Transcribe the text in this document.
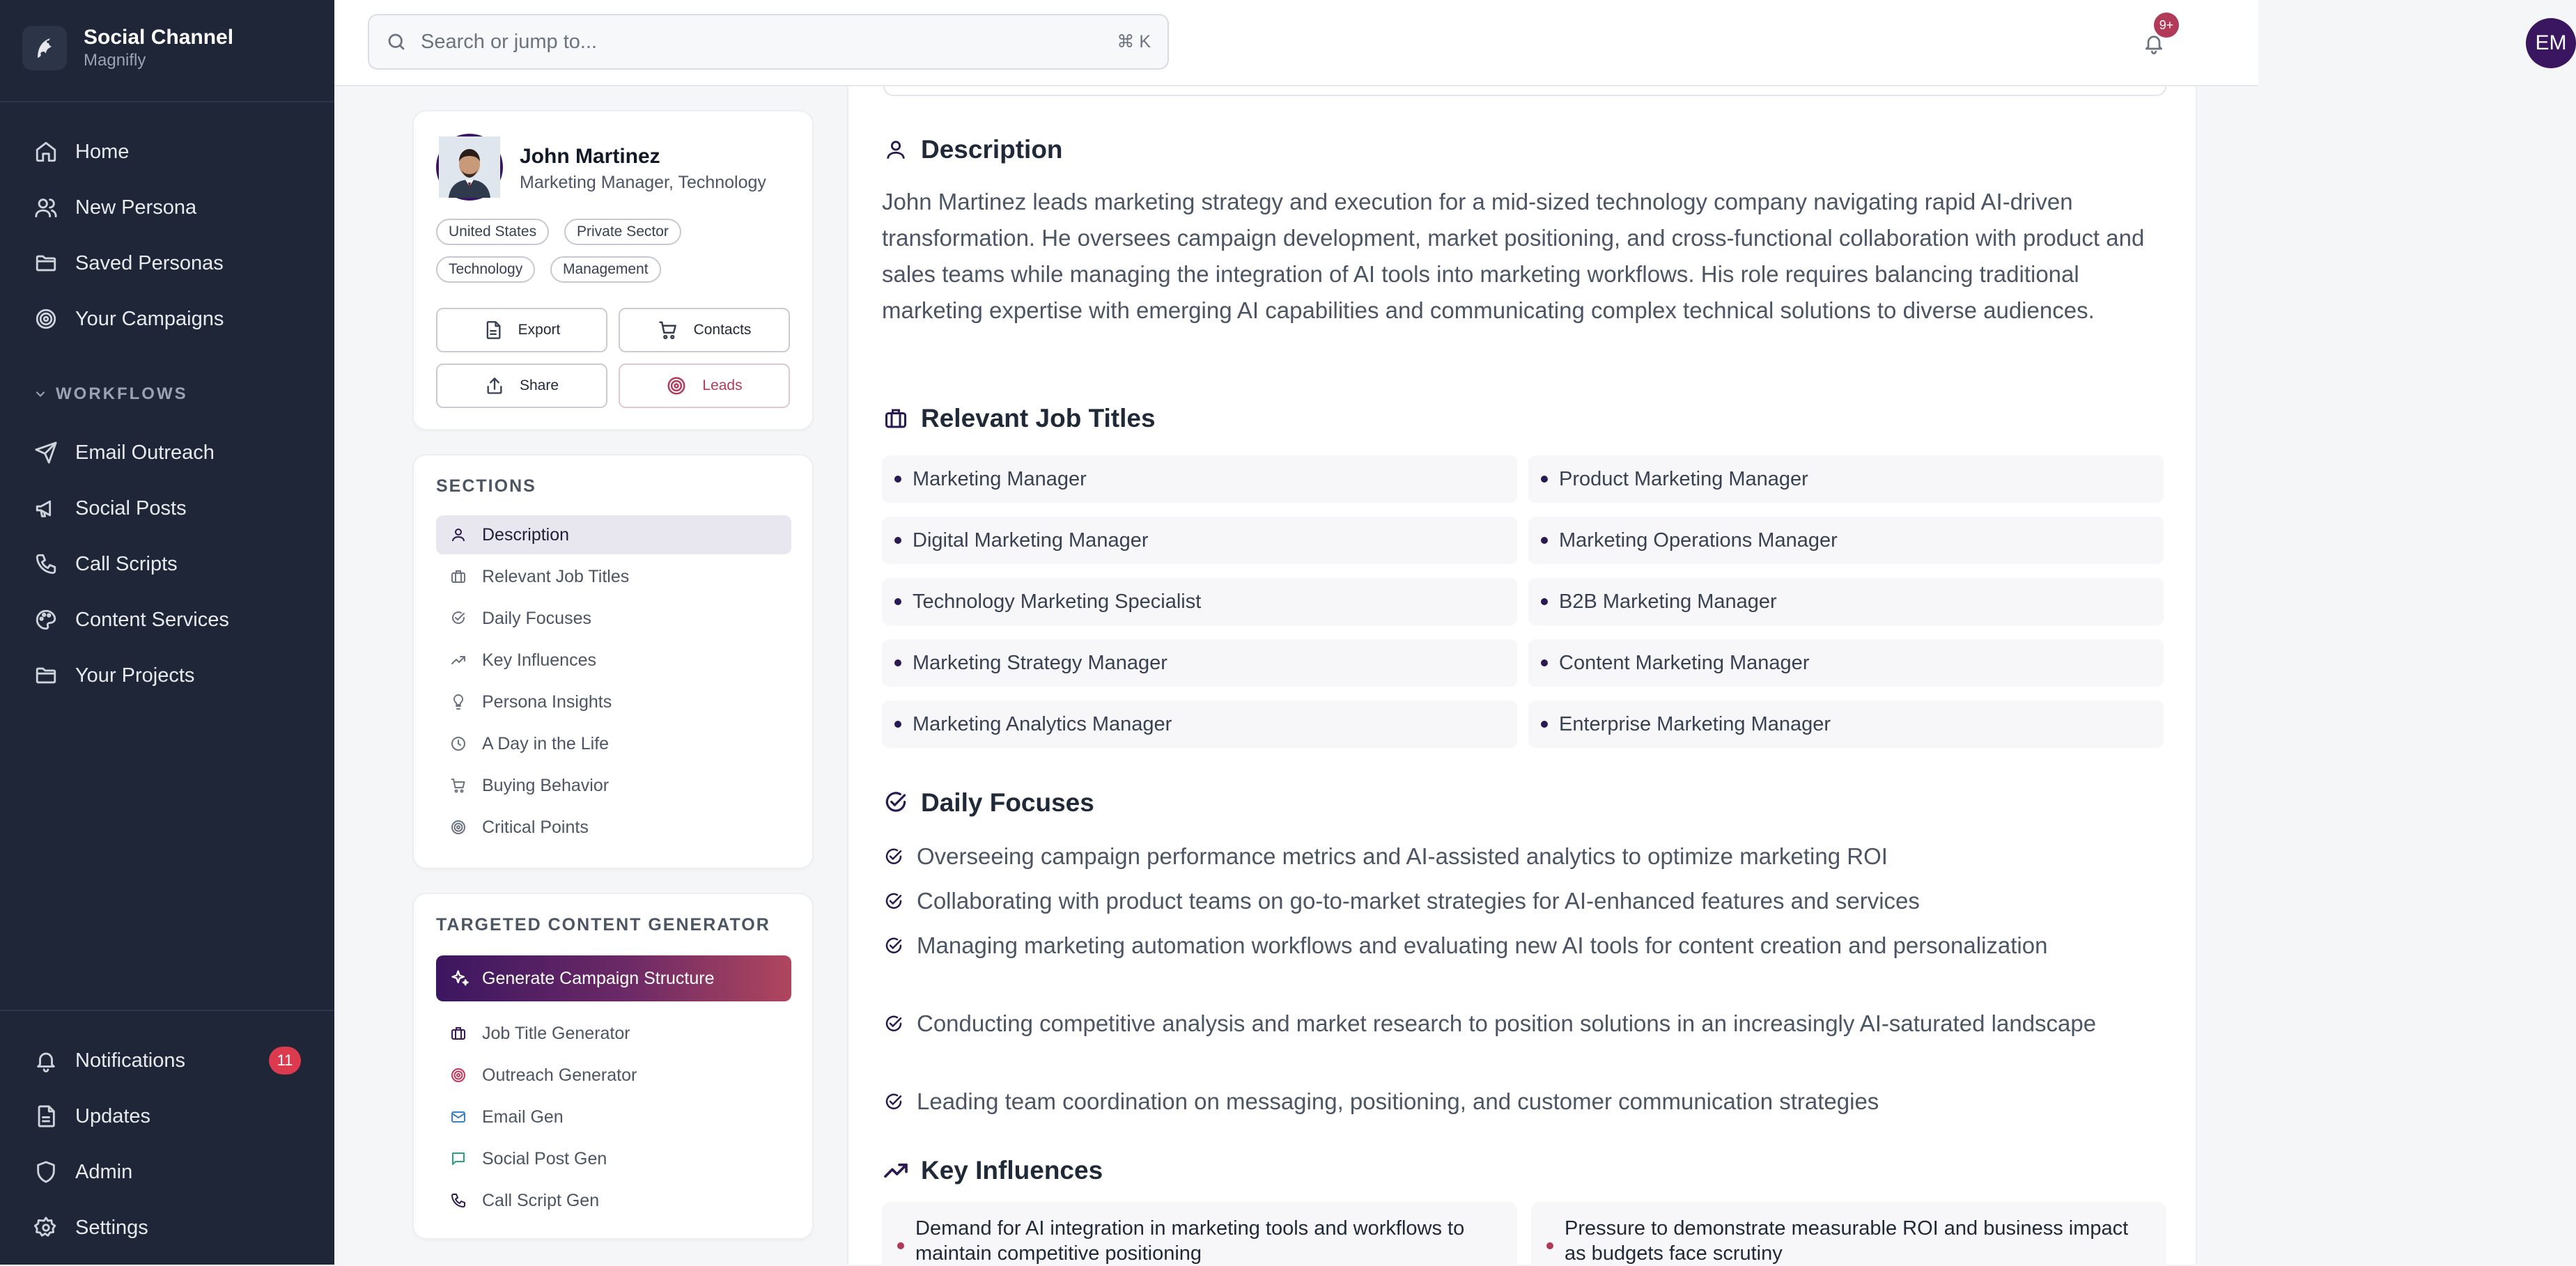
Social Channel
Magnifly
Home
New Persona
Saved Personas
Your Campaigns
WORKFLOWS
Email Outreach
Social Posts
Call Scripts
Content Services
Your Projects
Notifications	11
Updates
Admin
Settings
Search or jump to...
⌘ K
9+
EM
John Martinez
Marketing Manager, Technology
United States	Private Sector
Technology	Management
Export	Contacts
Share	Leads
SECTIONS
Description
Relevant Job Titles
Daily Focuses
Key Influences
Persona Insights
A Day in the Life
Buying Behavior
Critical Points
TARGETED CONTENT GENERATOR
Generate Campaign Structure
Job Title Generator
Outreach Generator
Email Gen
Social Post Gen
Call Script Gen
Description
John Martinez leads marketing strategy and execution for a mid-sized technology company navigating rapid AI-driven transformation. He oversees campaign development, market positioning, and cross-functional collaboration with product and sales teams while managing the integration of AI tools into marketing workflows. His role requires balancing traditional marketing expertise with emerging AI capabilities and communicating complex technical solutions to diverse audiences.
Relevant Job Titles
Marketing Manager	Product Marketing Manager
Digital Marketing Manager	Marketing Operations Manager
Technology Marketing Specialist	B2B Marketing Manager
Marketing Strategy Manager	Content Marketing Manager
Marketing Analytics Manager	Enterprise Marketing Manager
Daily Focuses
Overseeing campaign performance metrics and AI-assisted analytics to optimize marketing ROI
Collaborating with product teams on go-to-market strategies for AI-enhanced features and services
Managing marketing automation workflows and evaluating new AI tools for content creation and personalization
Conducting competitive analysis and market research to position solutions in an increasingly AI-saturated landscape
Leading team coordination on messaging, positioning, and customer communication strategies
Key Influences
Demand for AI integration in marketing tools and workflows to maintain competitive positioning
Pressure to demonstrate measurable ROI and business impact as budgets face scrutiny
